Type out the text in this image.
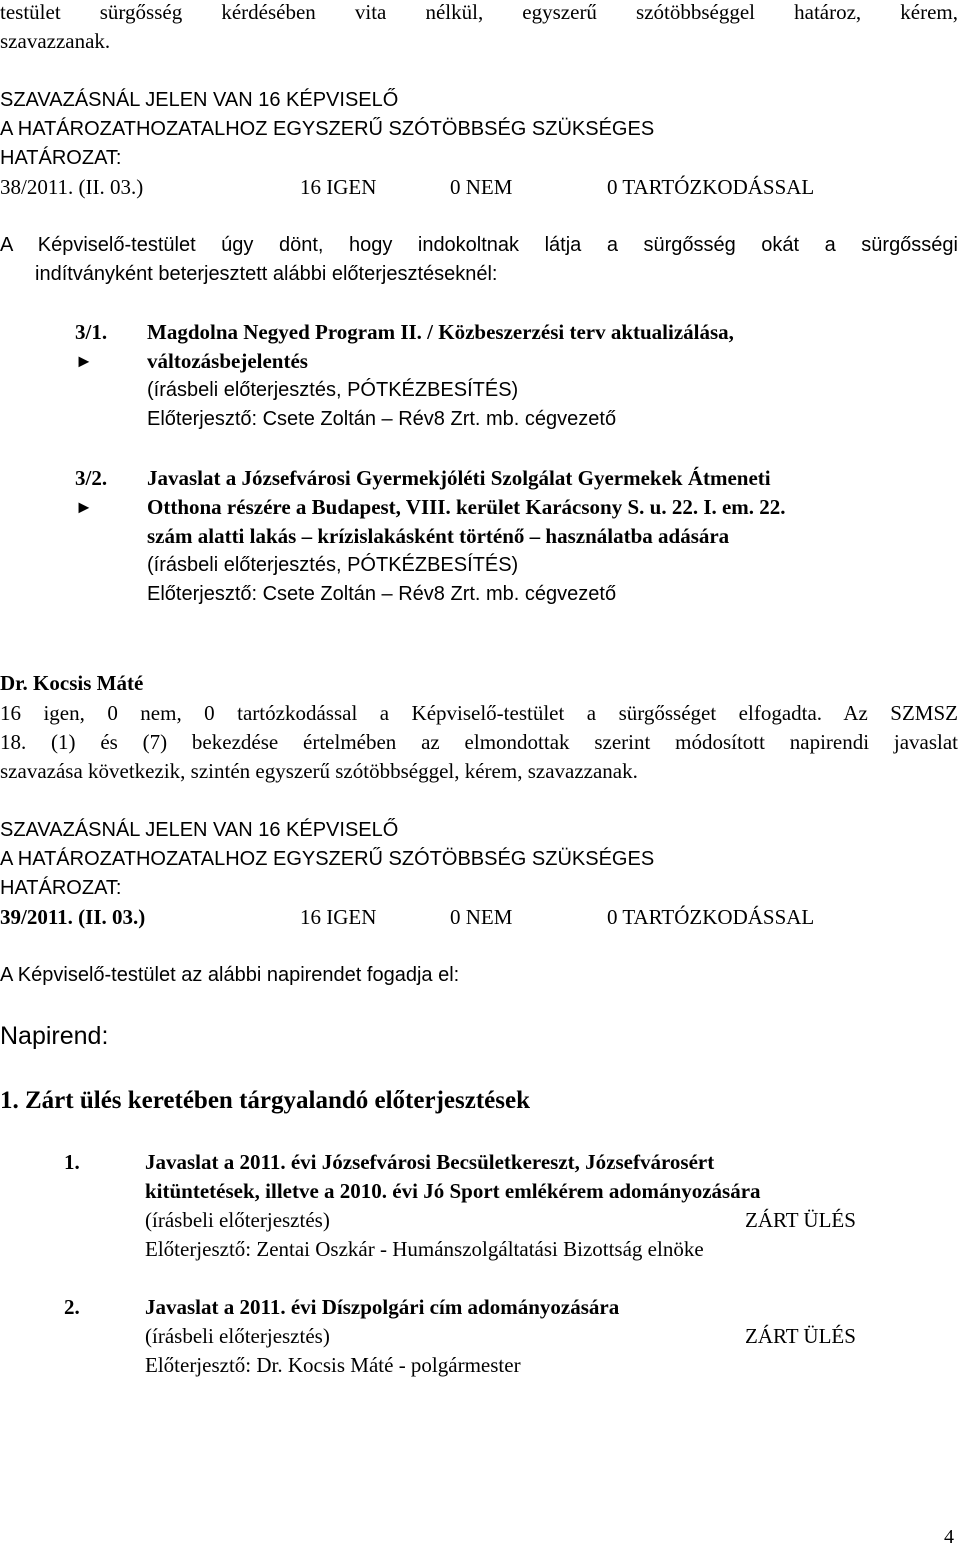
testület sürgősség kérdésében vita nélkül, egyszerű szótöbbséggel határoz, kérem,
szavazzanak.
SZAVAZÁSNÁL JELEN VAN 16 KÉPVISELŐ
A HATÁROZATHOZATALHOZ EGYSZERŰ SZÓTÖBBSÉG SZÜKSÉGES
HATÁROZAT:
38/2011. (II. 03.)	16 IGEN	0 NEM	0 TARTÓZKODÁSSAL
A Képviselő-testület úgy dönt, hogy indokoltnak látja a sürgősség okát a sürgősségi
indítványként beterjesztett alábbi előterjesztéseknél:
3/1.
►
Magdolna Negyed Program II. / Közbeszerzési terv aktualizálása,
változásbejelentés
(írásbeli előterjesztés, PÓTKÉZBESÍTÉS)
Előterjesztő: Csete Zoltán – Rév8 Zrt. mb. cégvezető
3/2.
►
Javaslat a Józsefvárosi Gyermekjóléti Szolgálat Gyermekek Átmeneti
Otthona részére a Budapest, VIII. kerület Karácsony S. u. 22. I. em. 22.
szám alatti lakás – krízislakásként történő – használatba adására
(írásbeli előterjesztés, PÓTKÉZBESÍTÉS)
Előterjesztő: Csete Zoltán – Rév8 Zrt. mb. cégvezető
Dr. Kocsis Máté
16 igen, 0 nem, 0 tartózkodással a Képviselő-testület a sürgősséget elfogadta. Az SZMSZ
18. (1) és (7) bekezdése értelmében az elmondottak szerint módosított napirendi javaslat
szavazása következik, szintén egyszerű szótöbbséggel, kérem, szavazzanak.
SZAVAZÁSNÁL JELEN VAN 16 KÉPVISELŐ
A HATÁROZATHOZATALHOZ EGYSZERŰ SZÓTÖBBSÉG SZÜKSÉGES
HATÁROZAT:
39/2011. (II. 03.)	16 IGEN	0 NEM	0 TARTÓZKODÁSSAL
A Képviselő-testület az alábbi napirendet fogadja el:
Napirend:
1. Zárt ülés keretében tárgyalandó előterjesztések
1.	Javaslat a 2011. évi Józsefvárosi Becsületkereszt, Józsefvárosért
kitüntetések, illetve a 2010. évi Jó Sport emlékérem adományozására
(írásbeli előterjesztés)	ZÁRT ÜLÉS
Előterjesztő: Zentai Oszkár - Humánszolgáltatási Bizottság elnöke
2.	Javaslat a 2011. évi Díszpolgári cím adományozására
(írásbeli előterjesztés)	ZÁRT ÜLÉS
Előterjesztő: Dr. Kocsis Máté - polgármester
4
